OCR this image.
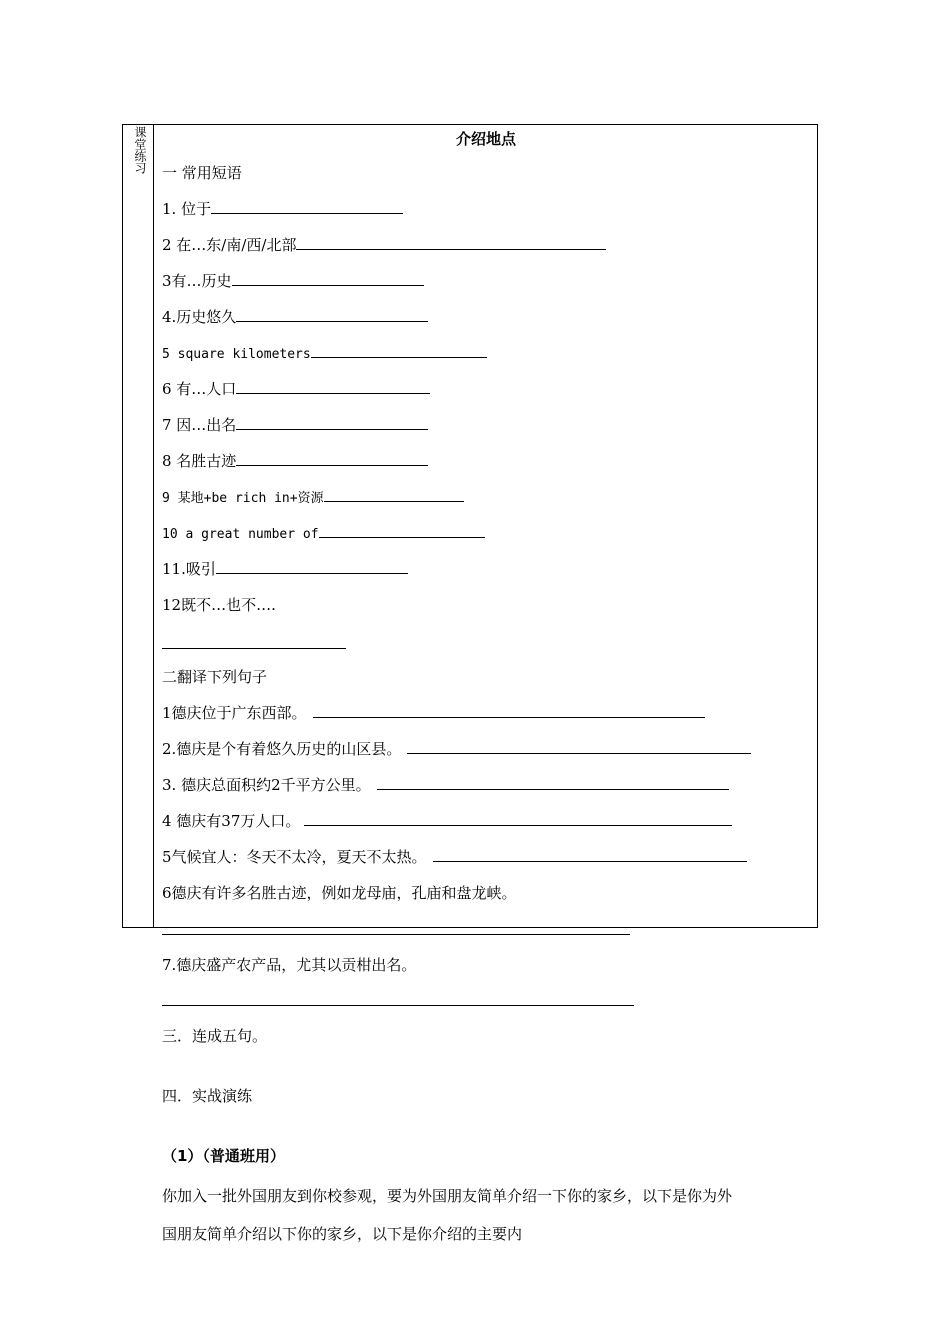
课堂练习	介绍地点
一 常用短语
1. 位于
2 在…东/南/西/北部
3有…历史
4.历史悠久
5 square kilometers
6 有…人口
7 因…出名
8 名胜古迹
9 某地+be rich in+资源
10 a great number of
11.吸引
12既不…也不….
二翻译下列句子
1德庆位于广东西部。
2.德庆是个有着悠久历史的山区县。
3. 德庆总面积约2千平方公里。
4 德庆有37万人口。
5气候宜人：冬天不太冷，夏天不太热。
6德庆有许多名胜古迹，例如龙母庙，孔庙和盘龙峡。
7.德庆盛产农产品，尤其以贡柑出名。
三．连成五句。
四．实战演练
（1）（普通班用）
你加入一批外国朋友到你校参观，要为外国朋友简单介绍一下你的家乡，以下是你为外
国朋友简单介绍以下你的家乡，以下是你介绍的主要内
